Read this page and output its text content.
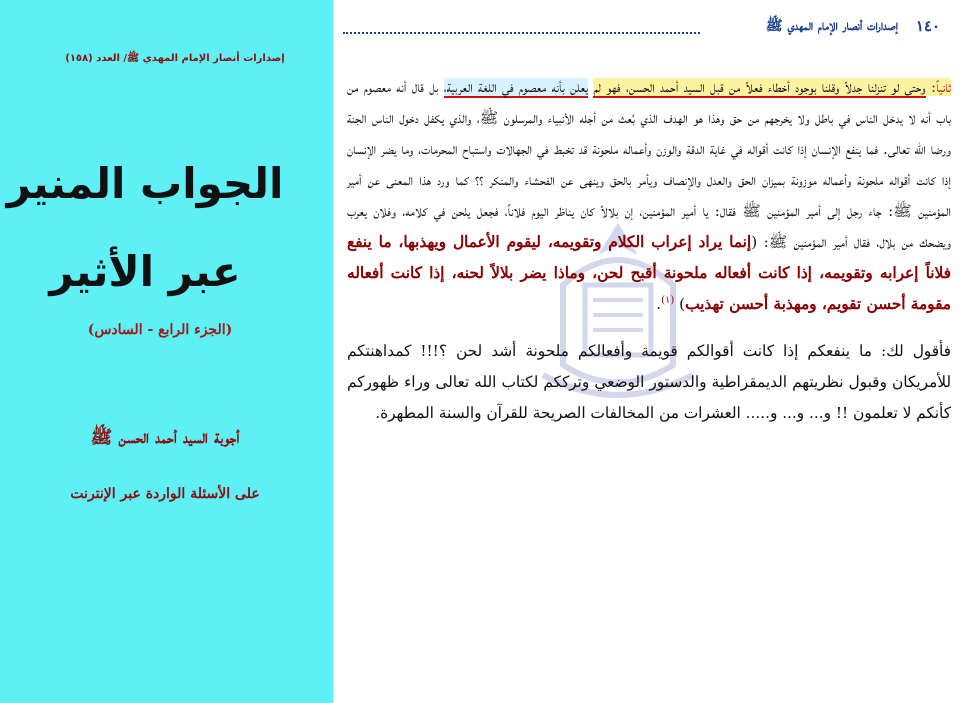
إصدارات أنصار الإمام المهدي ﷺ/ العدد (١٥٨)
الجواب المنير
عبر الأثير
(الجزء الرابع - السادس)
أجوبة السيد أحمد الحسن ﷺ
على الأسئلة الواردة عبر الإنترنت
١٤٠
إصدارات أنصار الإمام المهدي ﷺ

ثانياً: وحتى لو تنزلنا جدلاً وقلنا بوجود أخطاء فعلاً من قبل السيد أحمد الحسن، فهو لم يعلن بأنه معصوم في اللغة العربية، بل قال أنه معصوم من باب أنه لا يدخل الناس في باطل ولا يخرجهم من حق وهذا هو الهدف الذي بُعث من أجله الأنبياء والمرسلون ﷺ، والذي يكفل دخول الناس الجنة ورضا الله تعالى. فما ينفع الإنسان إذا كانت أقواله في غاية الدقة والوزن وأعماله ملحونة قد تخبط في الجهالات واستباح المحرمات، وما يضر الإنسان إذا كانت أقواله ملحونة وأعماله موزونة بميزان الحق والعدل والإنصاف ويأمر بالحق وينهى عن الفحشاء والمنكر ؟؟ كما ورد هذا المعنى عن أمير المؤمنين ﷺ: جاء رجل إلى أمير المؤمنين ﷺ فقال: يا أمير المؤمنين، إن بلالاً كان يناظر اليوم فلاناً، فجعل يلحن في كلامه، وفلان يعرب ويضحك من بلال، فقال أمير المؤمنين ﷺ: (إنما يراد إعراب الكلام وتقويمه، ليقوم الأعمال ويهذبها، ما ينفع فلاناً إعرابه وتقويمه، إذا كانت أفعاله ملحونة أقبح لحن، وماذا يضر بلالاً لحنه، إذا كانت أفعاله مقومة أحسن تقويم، ومهذبة أحسن تهذيب) $^{(١)}$.

فأقول لك: ما ينفعكم إذا كانت أقوالكم قويمة وأفعالكم ملحونة أشد لحن ؟!!! كمداهنتكم للأمريكان وقبول نظريتهم الديمقراطية والدستور الوضعي وترككم لكتاب الله تعالى وراء ظهوركم كأنكم لا تعلمون !! و... و... و..... العشرات من المخالفات الصريحة للقرآن والسنة المطهرة.
